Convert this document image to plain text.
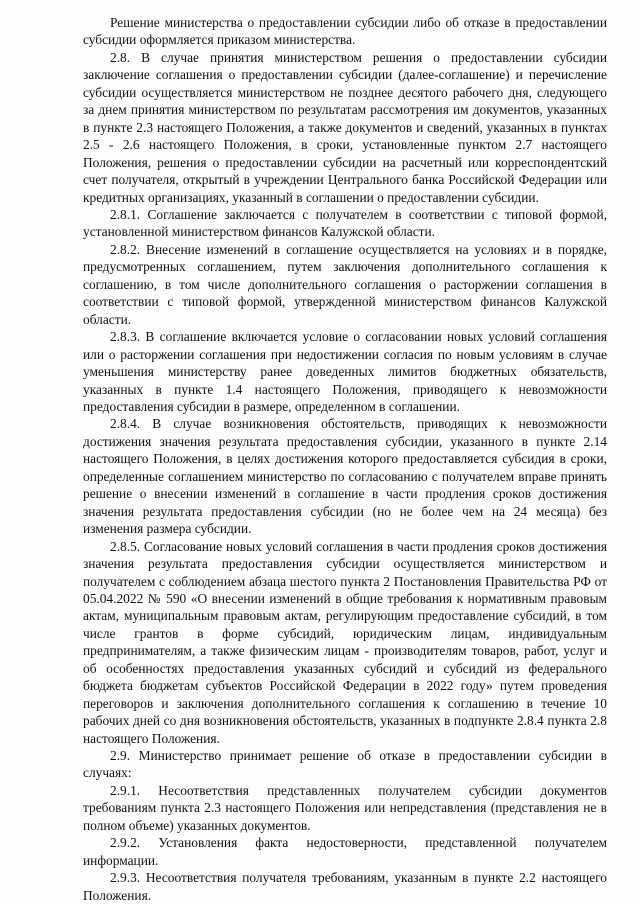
Решение министерства о предоставлении субсидии либо об отказе в предоставлении субсидии оформляется приказом министерства.

2.8. В случае принятия министерством решения о предоставлении субсидии заключение соглашения о предоставлении субсидии (далее-соглашение) и перечисление субсидии осуществляется министерством не позднее десятого рабочего дня, следующего за днем принятия министерством по результатам рассмотрения им документов, указанных в пункте 2.3 настоящего Положения, а также документов и сведений, указанных в пунктах 2.5 - 2.6 настоящего Положения, в сроки, установленные пунктом 2.7 настоящего Положения, решения о предоставлении субсидии на расчетный или корреспондентский счет получателя, открытый в учреждении Центрального банка Российской Федерации или кредитных организациях, указанный в соглашении о предоставлении субсидии.

2.8.1. Соглашение заключается с получателем в соответствии с типовой формой, установленной министерством финансов Калужской области.

2.8.2. Внесение изменений в соглашение осуществляется на условиях и в порядке, предусмотренных соглашением, путем заключения дополнительного соглашения к соглашению, в том числе дополнительного соглашения о расторжении соглашения в соответствии с типовой формой, утвержденной министерством финансов Калужской области.

2.8.3. В соглашение включается условие о согласовании новых условий соглашения или о расторжении соглашения при недостижении согласия по новым условиям в случае уменьшения министерству ранее доведенных лимитов бюджетных обязательств, указанных в пункте 1.4 настоящего Положения, приводящего к невозможности предоставления субсидии в размере, определенном в соглашении.

2.8.4. В случае возникновения обстоятельств, приводящих к невозможности достижения значения результата предоставления субсидии, указанного в пункте 2.14 настоящего Положения, в целях достижения которого предоставляется субсидия в сроки, определенные соглашением министерство по согласованию с получателем вправе принять решение о внесении изменений в соглашение в части продления сроков достижения значения результата предоставления субсидии (но не более чем на 24 месяца) без изменения размера субсидии.

2.8.5. Согласование новых условий соглашения в части продления сроков достижения значения результата предоставления субсидии осуществляется министерством и получателем с соблюдением абзаца шестого пункта 2 Постановления Правительства РФ от 05.04.2022 № 590 «О внесении изменений в общие требования к нормативным правовым актам, муниципальным правовым актам, регулирующим предоставление субсидий, в том числе грантов в форме субсидий, юридическим лицам, индивидуальным предпринимателям, а также физическим лицам - производителям товаров, работ, услуг и об особенностях предоставления указанных субсидий и субсидий из федерального бюджета бюджетам субъектов Российской Федерации в 2022 году» путем проведения переговоров и заключения дополнительного соглашения к соглашению в течение 10 рабочих дней со дня возникновения обстоятельств, указанных в подпункте 2.8.4 пункта 2.8 настоящего Положения.

2.9. Министерство принимает решение об отказе в предоставлении субсидии в случаях:

2.9.1. Несоответствия представленных получателем субсидии документов требованиям пункта 2.3 настоящего Положения или непредставления (представления не в полном объеме) указанных документов.

2.9.2. Установления факта недостоверности, представленной получателем информации.

2.9.3. Несоответствия получателя требованиям, указанным в пункте 2.2 настоящего Положения.
